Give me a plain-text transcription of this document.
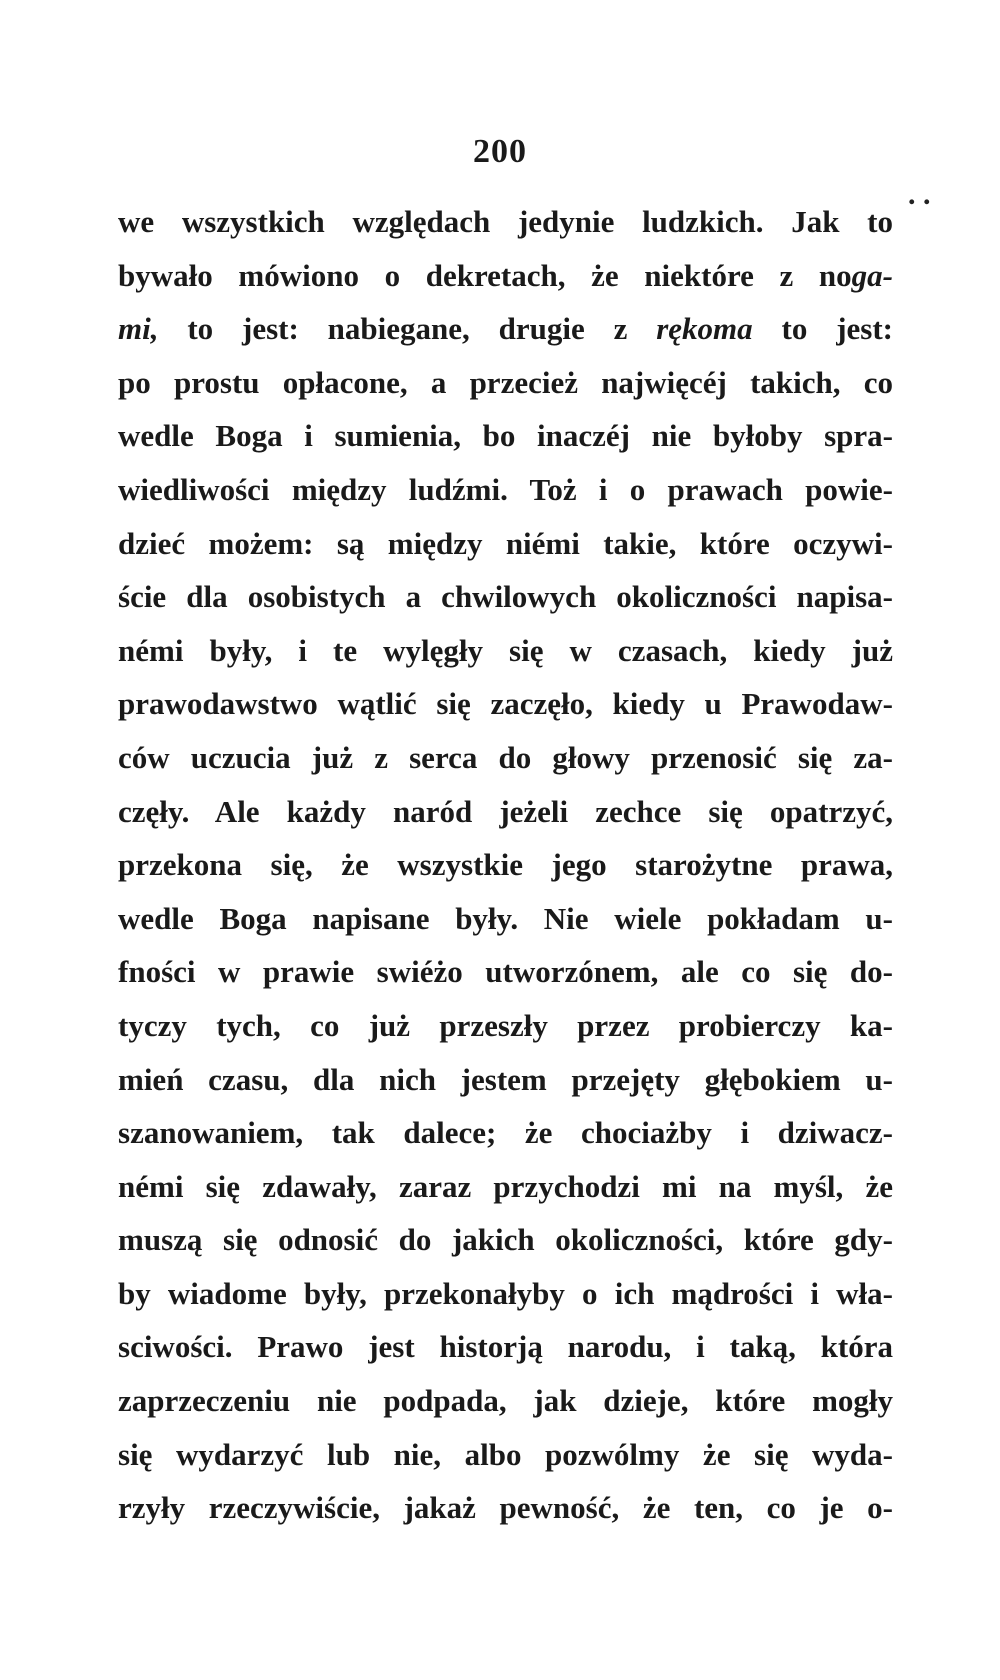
200
. .
we wszystkich względach jedynie ludzkich. Jak to
bywało mówiono o dekretach, że niektóre z noga-
mi, to jest: nabiegane, drugie z rękoma to jest:
po prostu opłacone, a przecież najwięcéj takich, co
wedle Boga i sumienia, bo inaczéj nie byłoby spra-
wiedliwości między ludźmi. Toż i o prawach powie-
dzieć możem: są między niémi takie, które oczywi-
ście dla osobistych a chwilowych okoliczności napisa-
némi były, i te wylęgły się w czasach, kiedy już
prawodawstwo wątlić się zaczęło, kiedy u Prawodaw-
ców uczucia już z serca do głowy przenosić się za-
częły. Ale każdy naród jeżeli zechce się opatrzyć,
przekona się, że wszystkie jego starożytne prawa,
wedle Boga napisane były. Nie wiele pokładam u-
fności w prawie swiéżo utworzónem, ale co się do-
tyczy tych, co już przeszły przez probierczy ka-
mień czasu, dla nich jestem przejęty głębokiem u-
szanowaniem, tak dalece; że chociażby i dziwacz-
némi się zdawały, zaraz przychodzi mi na myśl, że
muszą się odnosić do jakich okoliczności, które gdy-
by wiadome były, przekonałyby o ich mądrości i wła-
sciwości. Prawo jest historją narodu, i taką, która
zaprzeczeniu nie podpada, jak dzieje, które mogły
się wydarzyć lub nie, albo pozwólmy że się wyda-
rzyły rzeczywiście, jakaż pewność, że ten, co je o-
